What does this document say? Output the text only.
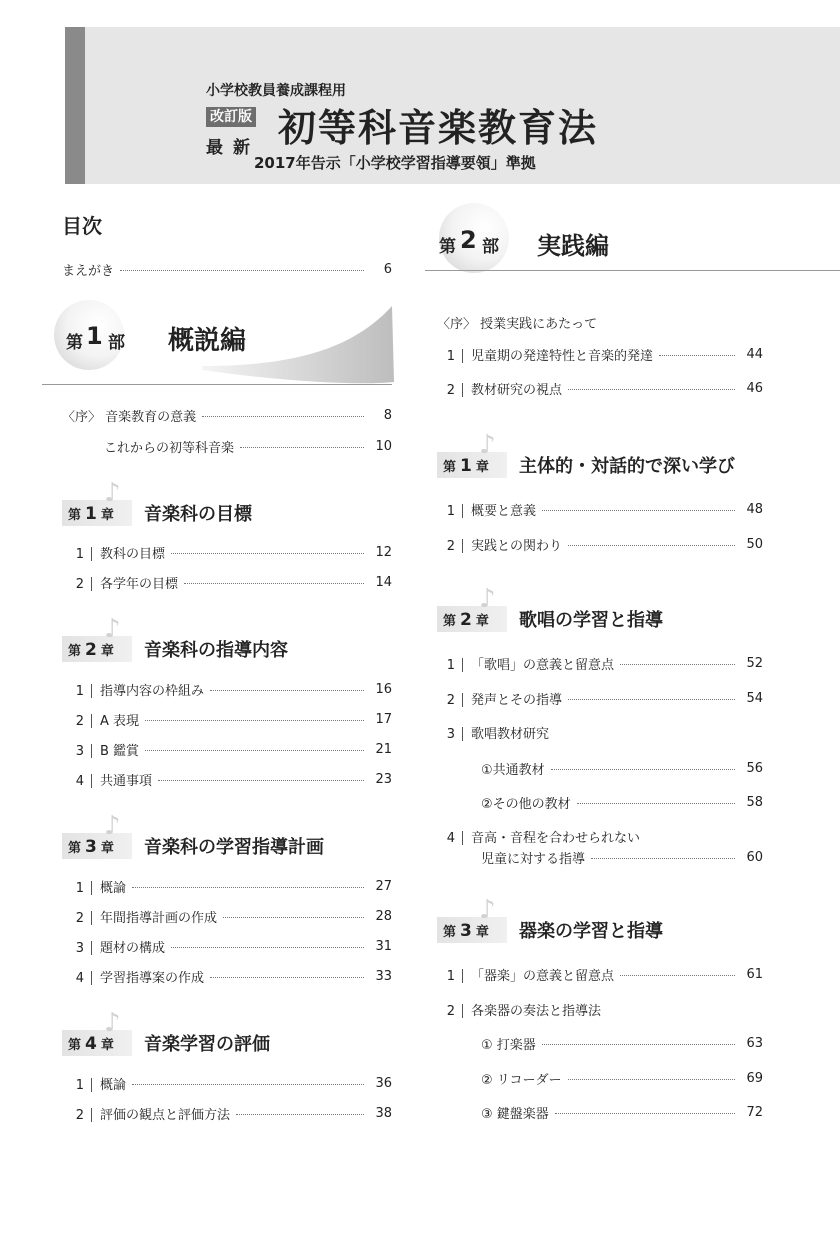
小学校教員養成課程用
改訂版
最新 初等科音楽教育法
2017年告示「小学校学習指導要領」準拠
目次
まえがき	6
第 1 部 概説編
〈序〉 音楽教育の意義	8
これからの初等科音楽	10
♪
第 1 章 音楽科の目標
1 教科の目標	12
2 各学年の目標	14
♪
第 2 章 音楽科の指導内容
1 指導内容の枠組み	16
2 A 表現	17
3 B 鑑賞	21
4 共通事項	23
♪
第 3 章 音楽科の学習指導計画
1 概論	27
2 年間指導計画の作成	28
3 題材の構成	31
4 学習指導案の作成	33
♪
第 4 章 音楽学習の評価
1 概論	36
2 評価の観点と評価方法	38
第 2 部 実践編
〈序〉 授業実践にあたって
1 児童期の発達特性と音楽的発達	44
2 教材研究の視点	46
♪
第 1 章 主体的・対話的で深い学び
1 概要と意義	48
2 実践との関わり	50
♪
第 2 章 歌唱の学習と指導
1 「歌唱」の意義と留意点	52
2 発声とその指導	54
3 歌唱教材研究
①共通教材	56
②その他の教材	58
4 音高・音程を合わせられない
児童に対する指導	60
♪
第 3 章 器楽の学習と指導
1 「器楽」の意義と留意点	61
2 各楽器の奏法と指導法
① 打楽器	63
② リコーダー	69
③ 鍵盤楽器	72
